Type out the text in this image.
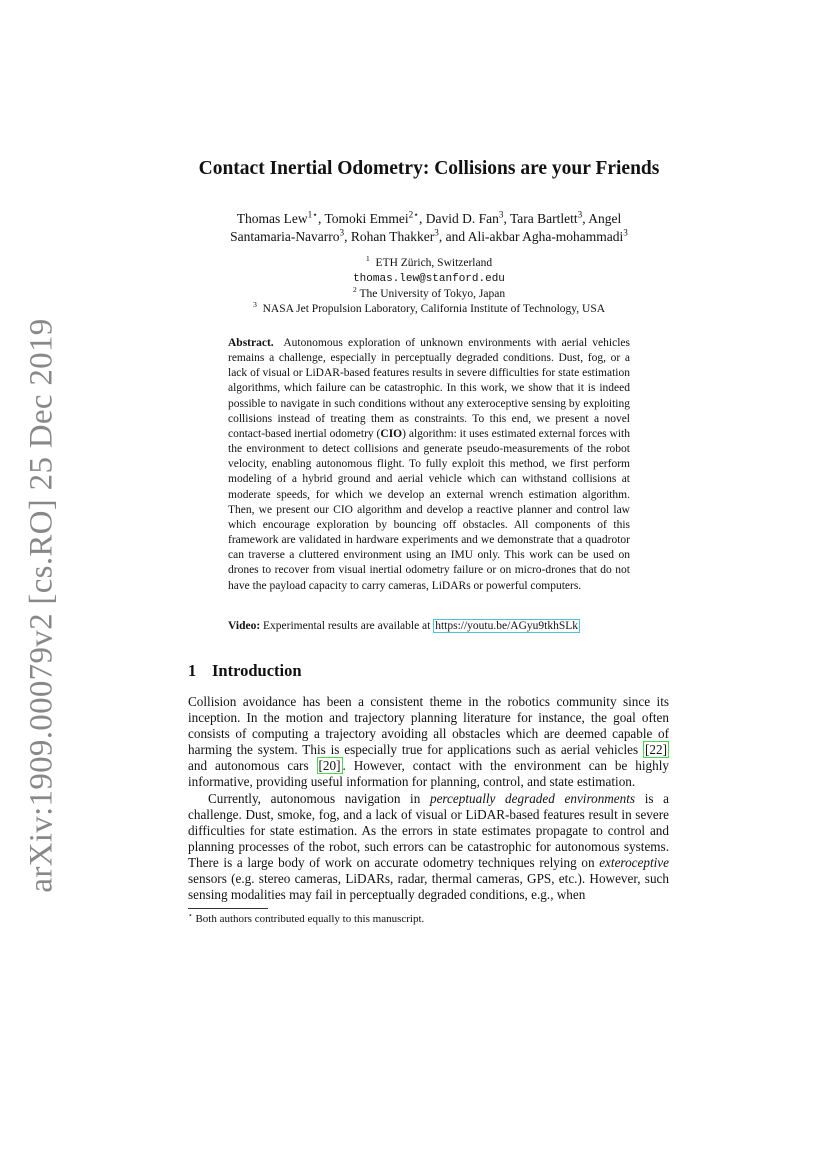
arXiv:1909.00079v2 [cs.RO] 25 Dec 2019
Contact Inertial Odometry: Collisions are your Friends
Thomas Lew$^{1⋆}$, Tomoki Emmei$^{2⋆}$, David D. Fan$^3$, Tara Bartlett$^3$, Angel
Santamaria-Navarro$^3$, Rohan Thakker$^3$, and Ali-akbar Agha-mohammadi$^3$
$^1$ ETH Zürich, Switzerland
thomas.lew@stanford.edu
$^2$ The University of Tokyo, Japan
$^3$ NASA Jet Propulsion Laboratory, California Institute of Technology, USA
Abstract. Autonomous exploration of unknown environments with aerial vehicles remains a challenge, especially in perceptually degraded conditions. Dust, fog, or a lack of visual or LiDAR-based features results in severe difficulties for state estimation algorithms, which failure can be catastrophic. In this work, we show that it is indeed possible to navigate in such conditions without any exteroceptive sensing by exploiting collisions instead of treating them as constraints. To this end, we present a novel contact-based inertial odometry (CIO) algorithm: it uses estimated external forces with the environment to detect collisions and generate pseudo-measurements of the robot velocity, enabling autonomous flight. To fully exploit this method, we first perform modeling of a hybrid ground and aerial vehicle which can withstand collisions at moderate speeds, for which we develop an external wrench estimation algorithm. Then, we present our CIO algorithm and develop a reactive planner and control law which encourage exploration by bouncing off obstacles. All components of this framework are validated in hardware experiments and we demonstrate that a quadrotor can traverse a cluttered environment using an IMU only. This work can be used on drones to recover from visual inertial odometry failure or on micro-drones that do not have the payload capacity to carry cameras, LiDARs or powerful computers.
Video: Experimental results are available at https://youtu.be/AGyu9tkhSLk
1 Introduction

Collision avoidance has been a consistent theme in the robotics community since its inception. In the motion and trajectory planning literature for instance, the goal often consists of computing a trajectory avoiding all obstacles which are deemed capable of harming the system. This is especially true for applications such as aerial vehicles [22] and autonomous cars [20] . However, contact with the environment can be highly informative, providing useful information for planning, control, and state estimation.

Currently, autonomous navigation in perceptually degraded environments is a challenge. Dust, smoke, fog, and a lack of visual or LiDAR-based features result in severe difficulties for state estimation. As the errors in state estimates propagate to control and planning processes of the robot, such errors can be catastrophic for autonomous systems. There is a large body of work on accurate odometry techniques relying on exteroceptive sensors (e.g. stereo cameras, LiDARs, radar, thermal cameras, GPS, etc.). However, such sensing modalities may fail in perceptually degraded conditions, e.g., when

⋆ Both authors contributed equally to this manuscript.
